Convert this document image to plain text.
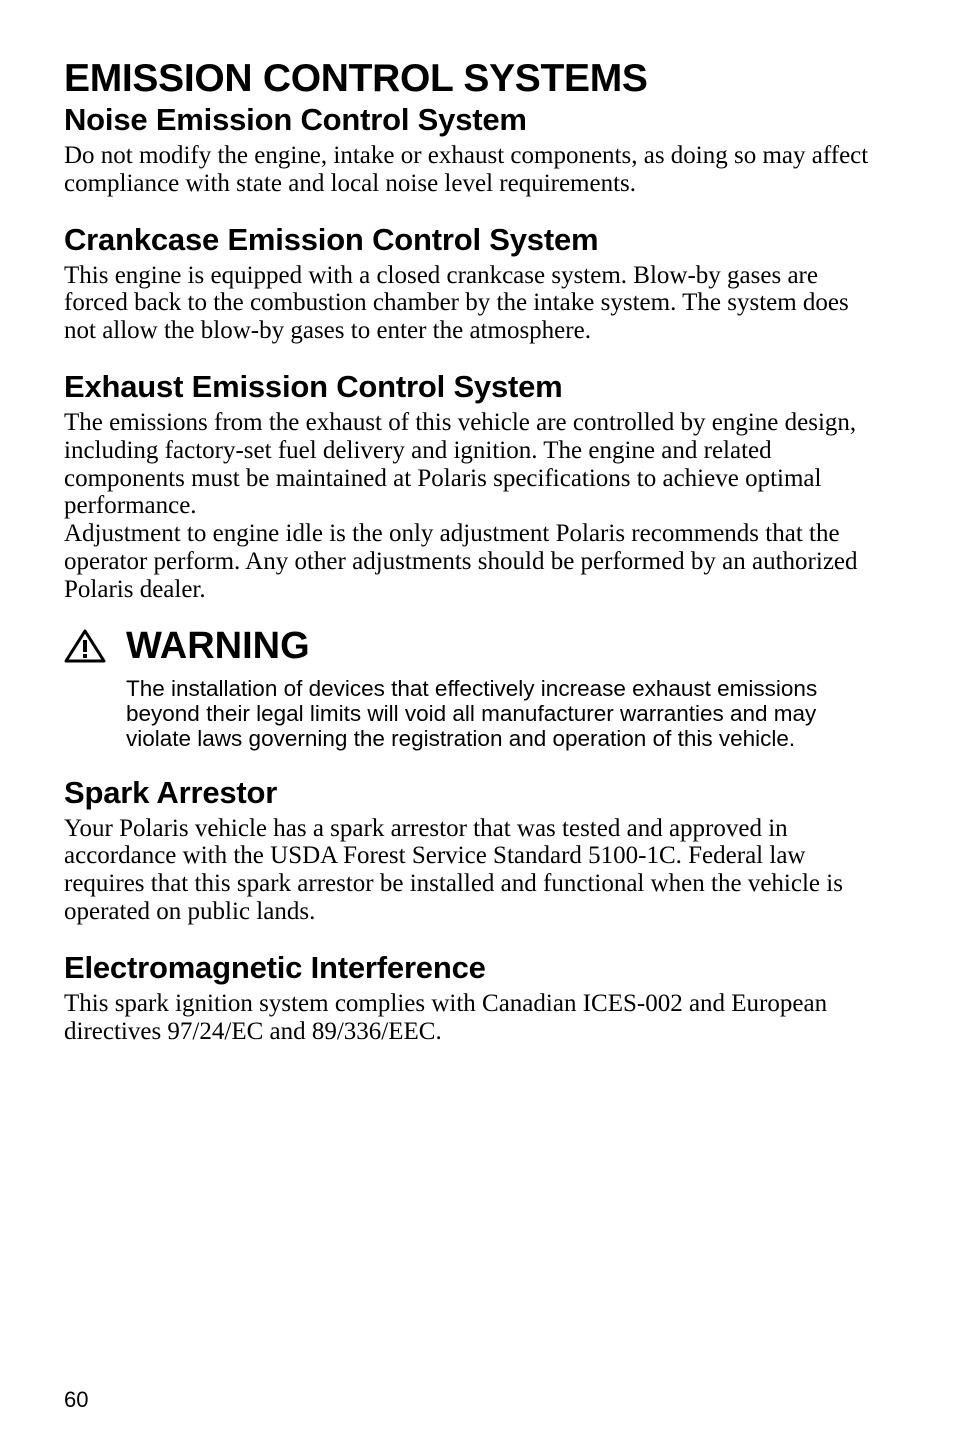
EMISSION CONTROL SYSTEMS
Noise Emission Control System

Do not modify the engine, intake or exhaust components, as doing so may affect compliance with state and local noise level requirements.

Crankcase Emission Control System

This engine is equipped with a closed crankcase system. Blow-by gases are forced back to the combustion chamber by the intake system. The system does not allow the blow-by gases to enter the atmosphere.

Exhaust Emission Control System

The emissions from the exhaust of this vehicle are controlled by engine design, including factory-set fuel delivery and ignition. The engine and related components must be maintained at Polaris specifications to achieve optimal performance.

Adjustment to engine idle is the only adjustment Polaris recommends that the operator perform. Any other adjustments should be performed by an authorized Polaris dealer.

WARNING

The installation of devices that effectively increase exhaust emissions beyond their legal limits will void all manufacturer warranties and may violate laws governing the registration and operation of this vehicle.

Spark Arrestor

Your Polaris vehicle has a spark arrestor that was tested and approved in accordance with the USDA Forest Service Standard 5100-1C. Federal law requires that this spark arrestor be installed and functional when the vehicle is operated on public lands.

Electromagnetic Interference

This spark ignition system complies with Canadian ICES-002 and European directives 97/24/EC and 89/336/EEC.

60
